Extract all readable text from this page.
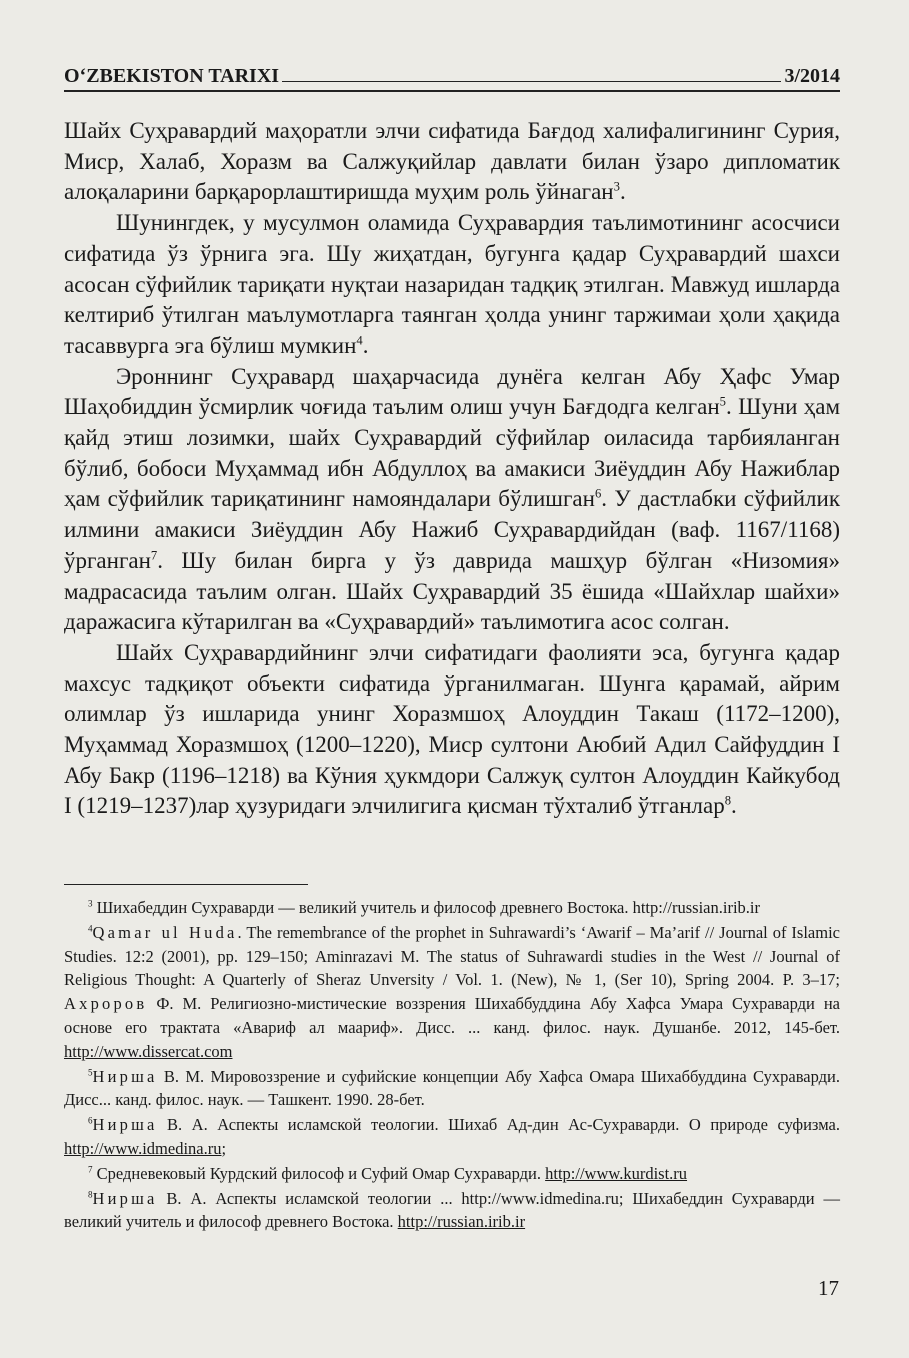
O‘ZBEKISTON TARIXI	3/2014

Шайх Суҳравардий маҳоратли элчи сифатида Бағдод халифалигининг Сурия, Миср, Халаб, Хоразм ва Салжуқийлар давлати билан ўзаро дипломатик алоқаларини барқарорлаштиришда муҳим роль ўйнаган$^3$.

Шунингдек, у мусулмон оламида Суҳравардия таълимотининг асосчиси сифатида ўз ўрнига эга. Шу жиҳатдан, бугунга қадар Суҳравардий шахси асосан сўфийлик тариқати нуқтаи назаридан тадқиқ этилган. Мавжуд ишларда келтириб ўтилган маълумотларга таянган ҳолда унинг таржимаи ҳоли ҳақида тасаввурга эга бўлиш мумкин$^4$.

Эроннинг Суҳравард шаҳарчасида дунёга келган Абу Ҳафс Умар Шаҳобиддин ўсмирлик чоғида таълим олиш учун Бағдодга келган$^5$. Шуни ҳам қайд этиш лозимки, шайх Суҳравардий сўфийлар оиласида тарбияланган бўлиб, бобоси Муҳаммад ибн Абдуллоҳ ва амакиси Зиёуддин Абу Нажиблар ҳам сўфийлик тариқатининг намояндалари бўлишган$^6$. У дастлабки сўфийлик илмини амакиси Зиёуддин Абу Нажиб Суҳравардийдан (ваф. 1167/1168) ўрганган$^7$. Шу билан бирга у ўз даврида машҳур бўлган «Низомия» мадрасасида таълим олган. Шайх Суҳравардий 35 ёшида «Шайхлар шайхи» даражасига кўтарилган ва «Суҳравардий» таълимотига асос солган.

Шайх Суҳравардийнинг элчи сифатидаги фаолияти эса, бугунга қадар махсус тадқиқот объекти сифатида ўрганилмаган. Шунга қарамай, айрим олимлар ўз ишларида унинг Хоразмшоҳ Алоуддин Такаш (1172–1200), Муҳаммад Хоразмшоҳ (1200–1220), Миср султони Аюбий Адил Сайфуддин I Абу Бакр (1196–1218) ва Кўния ҳукмдори Салжуқ султон Алоуддин Кайкубод I (1219–1237)лар ҳузуридаги элчилигига қисман тўхталиб ўтганлар$^8$.

$^3$ Шихабеддин Сухраварди — великий учитель и философ древнего Востока. http://russian.irib.ir

$^4$Qamar ul Huda. The remembrance of the prophet in Suhrawardi’s ‘Awarif – Ma’arif // Journal of Islamic Studies. 12:2 (2001), pp. 129–150; Aminrazavi M. The status of Suhrawardi studies in the West // Journal of Religious Thought: A Quarterly of Sheraz Unversity / Vol. 1. (New), № 1, (Ser 10), Spring 2004. P. 3–17; Ахроров Ф. М. Религиозно-мистические воззрения Шихаббуддина Абу Хафса Умара Сухраварди на основе его трактата «Авариф ал маариф». Дисс. ... канд. филос. наук. Душанбе. 2012, 145-бет. http://www.dissercat.com

$^5$Нирша В. М. Мировоззрение и суфийские концепции Абу Хафса Омара Шихаббуддина Сухраварди. Дисс... канд. филос. наук. — Ташкент. 1990. 28-бет.

$^6$Нирша В. А. Аспекты исламской теологии. Шихаб Ад-дин Ас-Сухраварди. О природе суфизма. http://www.idmedina.ru;

$^7$ Средневековый Курдский философ и Суфий Омар Сухраварди. http://www.kurdist.ru

$^8$Нирша В. А. Аспекты исламской теологии ... http://www.idmedina.ru; Шихабеддин Сухраварди — великий учитель и философ древнего Востока. http://russian.irib.ir

17
